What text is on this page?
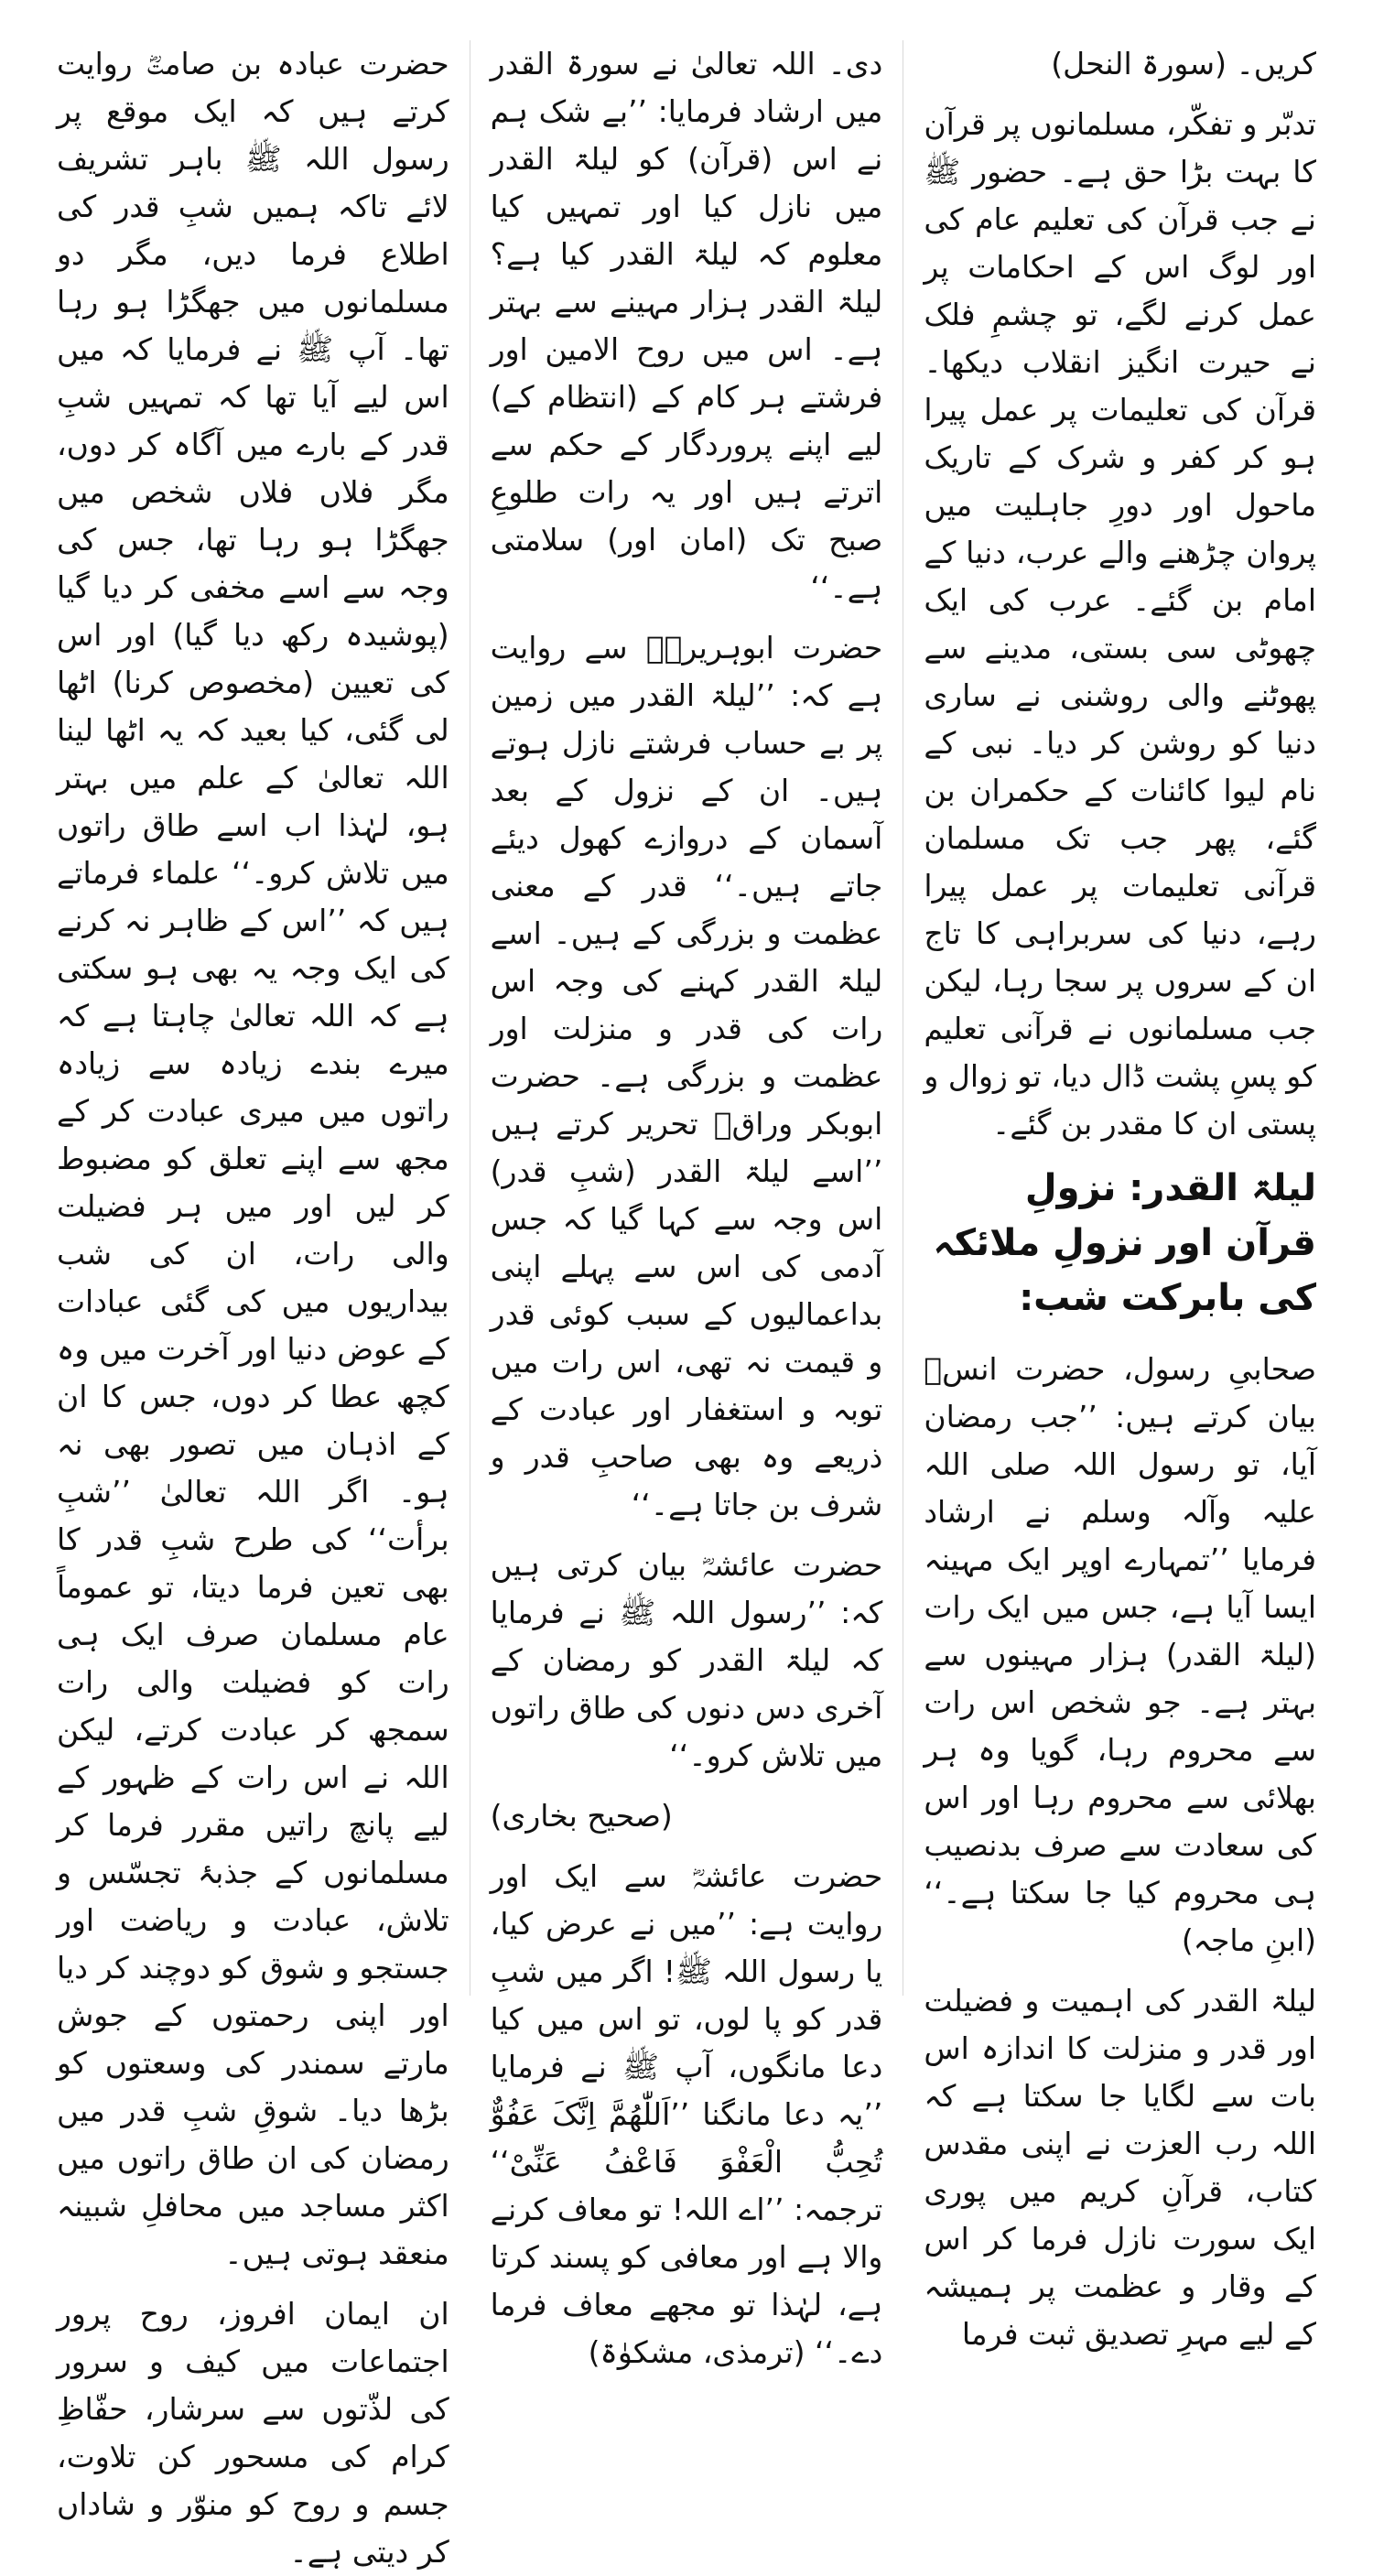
کریں۔ (سورۃ النحل)

تدبّر و تفکّر، مسلمانوں پر قرآن کا بہت بڑا حق ہے۔ حضور ﷺ نے جب قرآن کی تعلیم عام کی اور لوگ اس کے احکامات پر عمل کرنے لگے، تو چشمِ فلک نے حیرت انگیز انقلاب دیکھا۔ قرآن کی تعلیمات پر عمل پیرا ہو کر کفر و شرک کے تاریک ماحول اور دورِ جاہلیت میں پروان چڑھنے والے عرب، دنیا کے امام بن گئے۔ عرب کی ایک چھوٹی سی بستی، مدینے سے پھوٹنے والی روشنی نے ساری دنیا کو روشن کر دیا۔ نبی کے نام لیوا کائنات کے حکمران بن گئے، پھر جب تک مسلمان قرآنی تعلیمات پر عمل پیرا رہے، دنیا کی سربراہی کا تاج ان کے سروں پر سجا رہا، لیکن جب مسلمانوں نے قرآنی تعلیم کو پسِ پشت ڈال دیا، تو زوال و پستی ان کا مقدر بن گئے۔

لیلۃ القدر: نزولِ قرآن اور نزولِ ملائکہ کی بابرکت شب:

صحابیِ رسول، حضرت انسؓ بیان کرتے ہیں: ’’جب رمضان آیا، تو رسول اللہ صلی اللہ علیہ وآلہ وسلم نے ارشاد فرمایا ’’تمہارے اوپر ایک مہینہ ایسا آیا ہے، جس میں ایک رات (لیلۃ القدر) ہزار مہینوں سے بہتر ہے۔ جو شخص اس رات سے محروم رہا، گویا وہ ہر بھلائی سے محروم رہا اور اس کی سعادت سے صرف بدنصیب ہی محروم کیا جا سکتا ہے۔‘‘ (ابنِ ماجہ)

لیلۃ القدر کی اہمیت و فضیلت اور قدر و منزلت کا اندازہ اس بات سے لگایا جا سکتا ہے کہ اللہ رب العزت نے اپنی مقدس کتاب، قرآنِ کریم میں پوری ایک سورت نازل فرما کر اس کے وقار و عظمت پر ہمیشہ کے لیے مہرِ تصدیق ثبت فرما

دی۔ اللہ تعالیٰ نے سورۃ القدر میں ارشاد فرمایا: ’’بے شک ہم نے اس (قرآن) کو لیلۃ القدر میں نازل کیا اور تمہیں کیا معلوم کہ لیلۃ القدر کیا ہے؟ لیلۃ القدر ہزار مہینے سے بہتر ہے۔ اس میں روح الامین اور فرشتے ہر کام کے (انتظام کے) لیے اپنے پروردگار کے حکم سے اترتے ہیں اور یہ رات طلوعِ صبح تک (امان اور) سلامتی ہے۔‘‘

حضرت ابوہریرہؓ سے روایت ہے کہ: ’’لیلۃ القدر میں زمین پر بے حساب فرشتے نازل ہوتے ہیں۔ ان کے نزول کے بعد آسمان کے دروازے کھول دیئے جاتے ہیں۔‘‘ قدر کے معنی عظمت و بزرگی کے ہیں۔ اسے لیلۃ القدر کہنے کی وجہ اس رات کی قدر و منزلت اور عظمت و بزرگی ہے۔ حضرت ابوبکر وراقؒ تحریر کرتے ہیں ’’اسے لیلۃ القدر (شبِ قدر) اس وجہ سے کہا گیا کہ جس آدمی کی اس سے پہلے اپنی بداعمالیوں کے سبب کوئی قدر و قیمت نہ تھی، اس رات میں توبہ و استغفار اور عبادت کے ذریعے وہ بھی صاحبِ قدر و شرف بن جاتا ہے۔‘‘

حضرت عائشہؓ بیان کرتی ہیں کہ: ’’رسول اللہ ﷺ نے فرمایا کہ لیلۃ القدر کو رمضان کے آخری دس دنوں کی طاق راتوں میں تلاش کرو۔‘‘

(صحیح بخاری)

حضرت عائشہؓ سے ایک اور روایت ہے: ’’میں نے عرض کیا، یا رسول اللہ ﷺ! اگر میں شبِ قدر کو پا لوں، تو اس میں کیا دعا مانگوں، آپ ﷺ نے فرمایا ’’یہ دعا مانگنا ’’اَللّٰھُمَّ اِنَّکَ عَفُوٌّ تُحِبُّ الْعَفْوَ فَاعْفُ عَنِّیْ‘‘ ترجمہ: ’’اے اللہ! تو معاف کرنے والا ہے اور معافی کو پسند کرتا ہے، لہٰذا تو مجھے معاف فرما دے۔‘‘ (ترمذی، مشکوٰۃ)

حضرت عبادہ بن صامتؓ روایت کرتے ہیں کہ ایک موقع پر رسول اللہ ﷺ باہر تشریف لائے تاکہ ہمیں شبِ قدر کی اطلاع فرما دیں، مگر دو مسلمانوں میں جھگڑا ہو رہا تھا۔ آپ ﷺ نے فرمایا کہ میں اس لیے آیا تھا کہ تمہیں شبِ قدر کے بارے میں آگاہ کر دوں، مگر فلاں فلاں شخص میں جھگڑا ہو رہا تھا، جس کی وجہ سے اسے مخفی کر دیا گیا (پوشیدہ رکھ دیا گیا) اور اس کی تعیین (مخصوص کرنا) اٹھا لی گئی، کیا بعید کہ یہ اٹھا لینا اللہ تعالیٰ کے علم میں بہتر ہو، لہٰذا اب اسے طاق راتوں میں تلاش کرو۔‘‘ علماء فرماتے ہیں کہ ’’اس کے ظاہر نہ کرنے کی ایک وجہ یہ بھی ہو سکتی ہے کہ اللہ تعالیٰ چاہتا ہے کہ میرے بندے زیادہ سے زیادہ راتوں میں میری عبادت کر کے مجھ سے اپنے تعلق کو مضبوط کر لیں اور میں ہر فضیلت والی رات، ان کی شب بیداریوں میں کی گئی عبادات کے عوض دنیا اور آخرت میں وہ کچھ عطا کر دوں، جس کا ان کے اذہان میں تصور بھی نہ ہو۔ اگر اللہ تعالیٰ ’’شبِ برأت‘‘ کی طرح شبِ قدر کا بھی تعین فرما دیتا، تو عموماً عام مسلمان صرف ایک ہی رات کو فضیلت والی رات سمجھ کر عبادت کرتے، لیکن اللہ نے اس رات کے ظہور کے لیے پانچ راتیں مقرر فرما کر مسلمانوں کے جذبۂ تجسّس و تلاش، عبادت و ریاضت اور جستجو و شوق کو دوچند کر دیا اور اپنی رحمتوں کے جوش مارتے سمندر کی وسعتوں کو بڑھا دیا۔ شوقِ شبِ قدر میں رمضان کی ان طاق راتوں میں اکثر مساجد میں محافلِ شبینہ منعقد ہوتی ہیں۔

ان ایمان افروز، روح پرور اجتماعات میں کیف و سرور کی لذّتوں سے سرشار، حفّاظِ کرام کی مسحور کن تلاوت، جسم و روح کو منوّر و شاداں کر دیتی ہے۔
